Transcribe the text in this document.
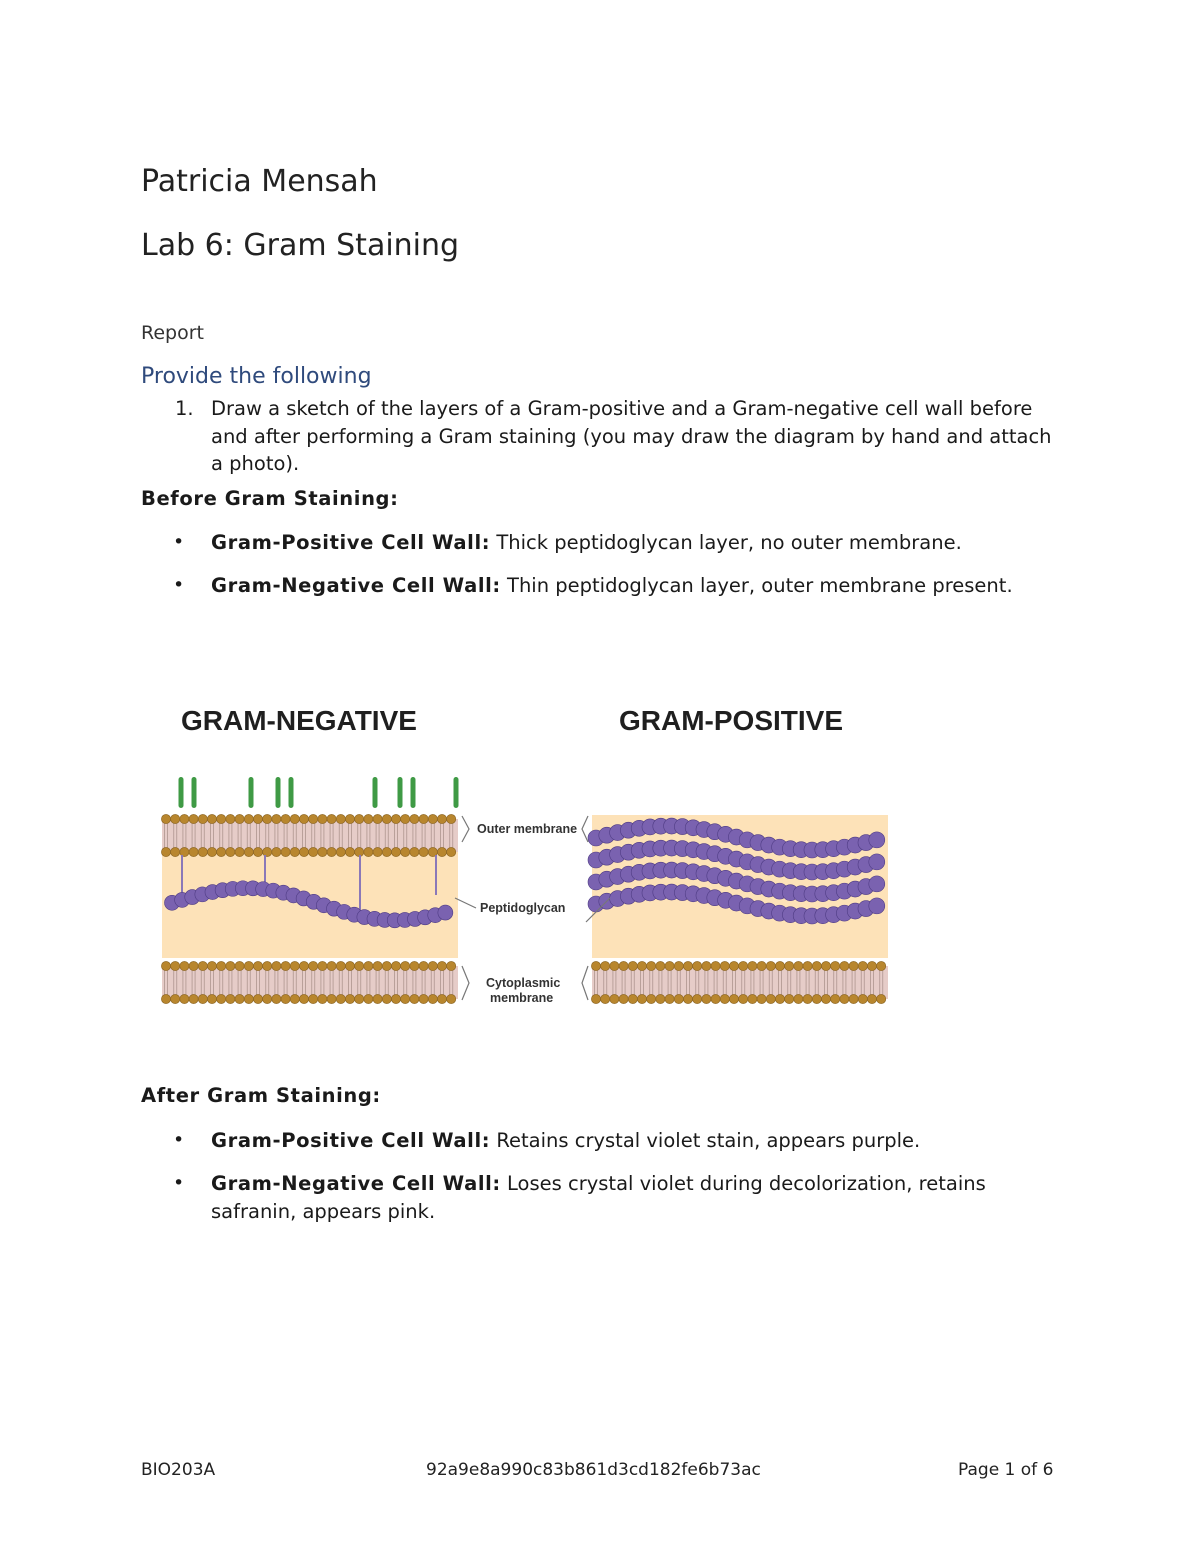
Patricia Mensah
Lab 6: Gram Staining
Report
Provide the following
1. Draw a sketch of the layers of a Gram-positive and a Gram-negative cell wall before and after performing a Gram staining (you may draw the diagram by hand and attach a photo).
Before Gram Staining:
• Gram-Positive Cell Wall: Thick peptidoglycan layer, no outer membrane.
• Gram-Negative Cell Wall: Thin peptidoglycan layer, outer membrane present.
GRAM-NEGATIVE	GRAM-POSITIVE
Outer membrane
Peptidoglycan
Cytoplasmic
membrane
After Gram Staining:
• Gram-Positive Cell Wall: Retains crystal violet stain, appears purple.
• Gram-Negative Cell Wall: Loses crystal violet during decolorization, retains safranin, appears pink.
BIO203A	92a9e8a990c83b861d3cd182fe6b73ac	Page 1 of 6
